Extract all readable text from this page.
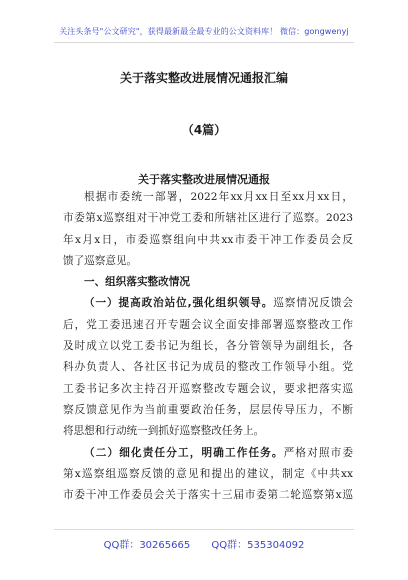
关注头条号"公文研究"，获得最新最全最专业的公文资料库！ 微信：gongwenyj
关于落实整改进展情况通报汇编
（4篇）
关于落实整改进展情况通报
根据市委统一部署，2022年xx月xx日至xx月xx日，
市委第x巡察组对干冲党工委和所辖社区进行了巡察。2023
年x月x日，市委巡察组向中共xx市委干冲工作委员会反
馈了巡察意见。
一、组织落实整改情况
（一）提高政治站位,强化组织领导。巡察情况反馈会
后，党工委迅速召开专题会议全面安排部署巡察整改工作
及时成立以党工委书记为组长，各分管领导为副组长，各
科办负责人、各社区书记为成员的整改工作领导小组。党
工委书记多次主持召开巡察整改专题会议，要求把落实巡
察反馈意见作为当前重要政治任务，层层传导压力，不断
将思想和行动统一到抓好巡察整改任务上。
（二）细化责任分工，明确工作任务。严格对照市委
第x巡察组巡察反馈的意见和提出的建议，制定《中共xx
市委干冲工作委员会关于落实十三届市委第二轮巡察第x巡
QQ群：30265665 QQ群：535304092
